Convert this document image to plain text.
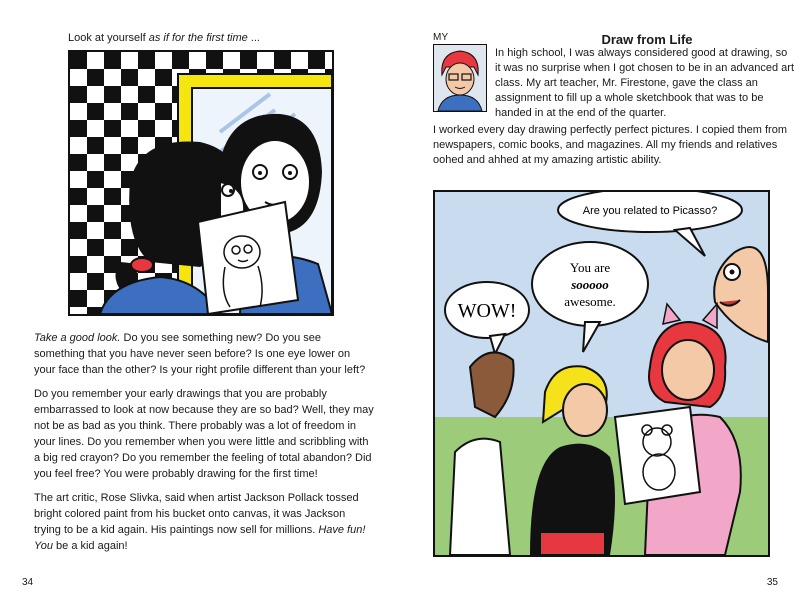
Look at yourself as if for the first time ...

Take a good look. Do you see something new? Do you see something that you have never seen before? Is one eye lower on your face than the other? Is your right profile different than your left?

Do you remember your early drawings that you are probably embarrassed to look at now because they are so bad? Well, they may not be as bad as you think. There probably was a lot of freedom in your lines. Do you remember when you were little and scribbling with a big red crayon? Do you remember the feeling of total abandon? Did you feel free? You were probably drawing for the first time!

The art critic, Rose Slivka, said when artist Jackson Pollack tossed bright colored paint from his bucket onto canvas, it was Jackson trying to be a kid again. His paintings now sell for millions. Have fun! You be a kid again!

34
MY	Draw from Life

In high school, I was always considered good at drawing, so it was no surprise when I got chosen to be in an advanced art class. My art teacher, Mr. Firestone, gave the class an assignment to fill up a whole sketchbook that was to be handed in at the end of the quarter.

I worked every day drawing perfectly perfect pictures. I copied them from newspapers, comic books, and magazines. All my friends and relatives oohed and ahhed at my amazing artistic ability.

Are you related to Picasso?
You are
sooooo
awesome.
WOW!
35
